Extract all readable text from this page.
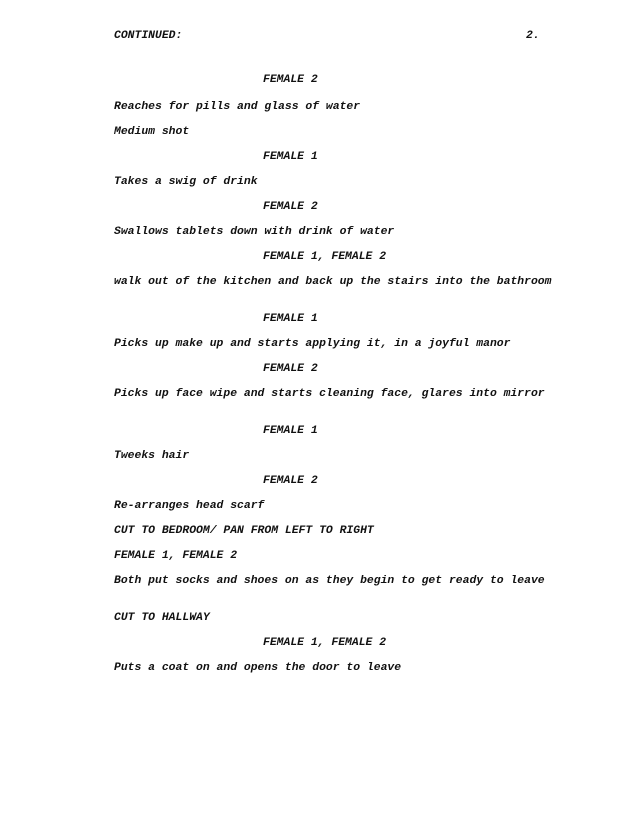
CONTINUED:	2.
FEMALE 2
Reaches for pills and glass of water
Medium shot
FEMALE 1
Takes a swig of drink
FEMALE 2
Swallows tablets down with drink of water
FEMALE 1, FEMALE 2
walk out of the kitchen and back up the stairs into the bathroom
FEMALE 1
Picks up make up and starts applying it, in a joyful manor
FEMALE 2
Picks up face wipe and starts cleaning face, glares into mirror
FEMALE 1
Tweeks hair
FEMALE 2
Re-arranges head scarf
CUT TO BEDROOM/ PAN FROM LEFT TO RIGHT
FEMALE 1, FEMALE 2
Both put socks and shoes on as they begin to get ready to leave
CUT TO HALLWAY
FEMALE 1, FEMALE 2
Puts a coat on and opens the door to leave
